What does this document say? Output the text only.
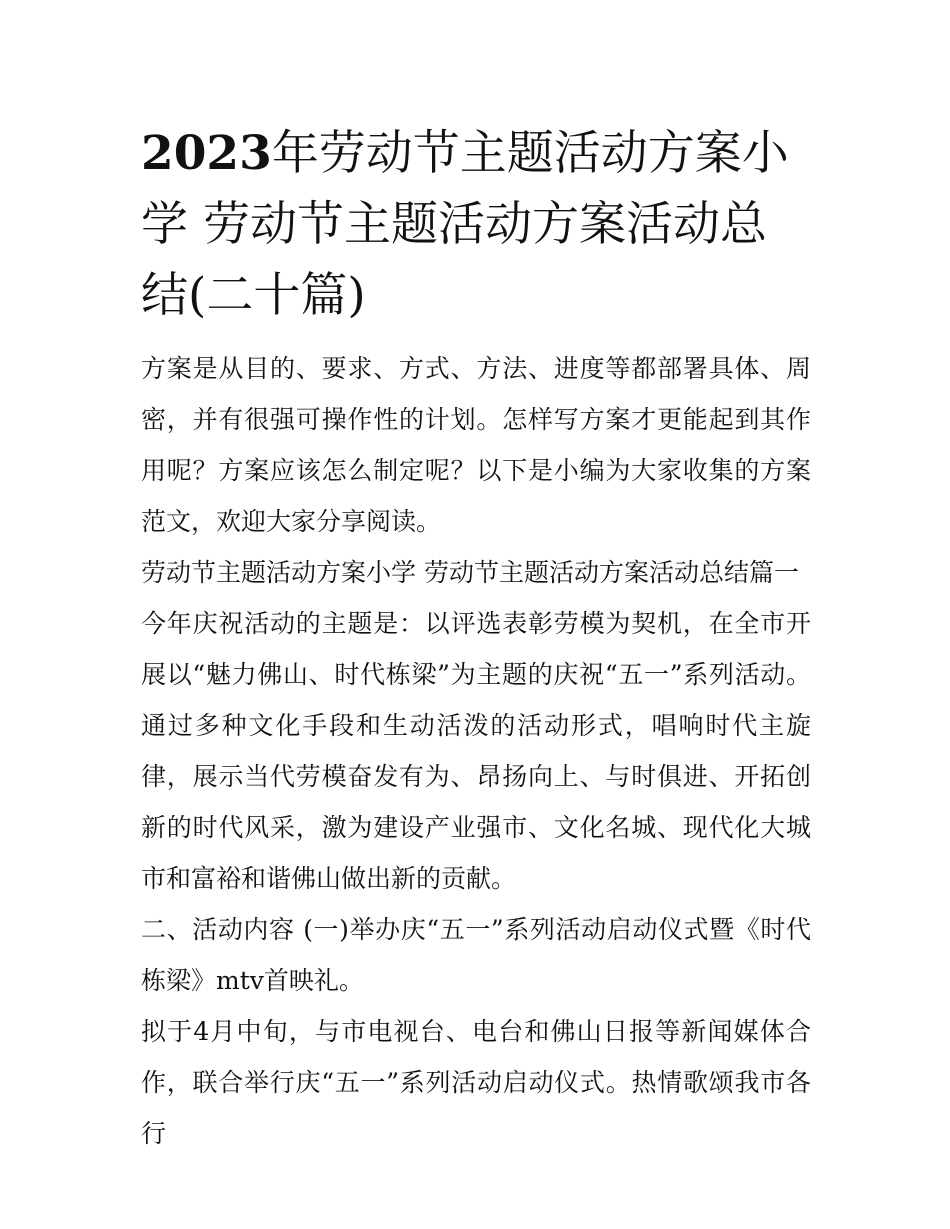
2023年劳动节主题活动方案小学 劳动节主题活动方案活动总结(二十篇)

方案是从目的、要求、方式、方法、进度等都部署具体、周密，并有很强可操作性的计划。怎样写方案才更能起到其作用呢？方案应该怎么制定呢？以下是小编为大家收集的方案范文，欢迎大家分享阅读。

劳动节主题活动方案小学 劳动节主题活动方案活动总结篇一

今年庆祝活动的主题是：以评选表彰劳模为契机，在全市开展以“魅力佛山、时代栋梁”为主题的庆祝“五一”系列活动。通过多种文化手段和生动活泼的活动形式，唱响时代主旋律，展示当代劳模奋发有为、昂扬向上、与时俱进、开拓创新的时代风采，激为建设产业强市、文化名城、现代化大城市和富裕和谐佛山做出新的贡献。

二、活动内容 (一)举办庆“五一”系列活动启动仪式暨《时代栋梁》mtv首映礼。

拟于4月中旬，与市电视台、电台和佛山日报等新闻媒体合作，联合举行庆“五一”系列活动启动仪式。热情歌颂我市各行
